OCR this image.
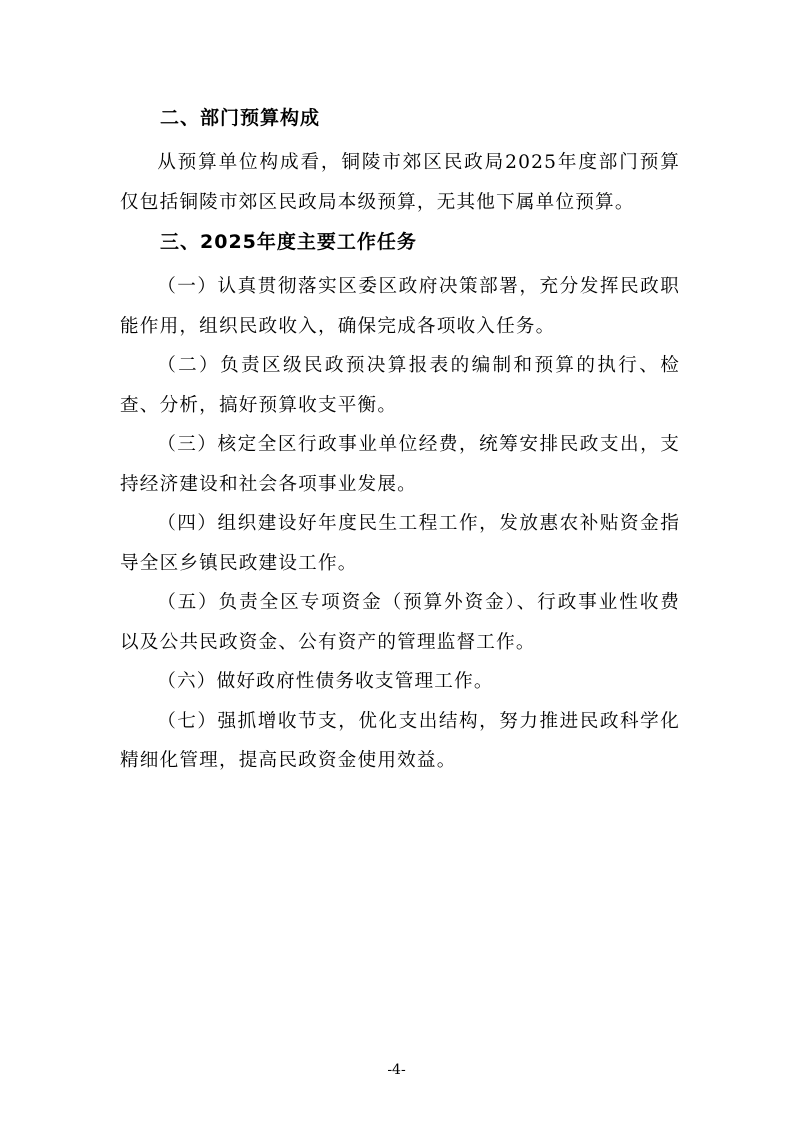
二、部门预算构成

从预算单位构成看，铜陵市郊区民政局2025年度部门预算仅包括铜陵市郊区民政局本级预算，无其他下属单位预算。

三、2025年度主要工作任务

（一）认真贯彻落实区委区政府决策部署，充分发挥民政职能作用，组织民政收入，确保完成各项收入任务。

（二）负责区级民政预决算报表的编制和预算的执行、检查、分析，搞好预算收支平衡。

（三）核定全区行政事业单位经费，统筹安排民政支出，支持经济建设和社会各项事业发展。

（四）组织建设好年度民生工程工作，发放惠农补贴资金指导全区乡镇民政建设工作。

（五）负责全区专项资金（预算外资金）、行政事业性收费以及公共民政资金、公有资产的管理监督工作。

（六）做好政府性债务收支管理工作。

（七）强抓增收节支，优化支出结构，努力推进民政科学化精细化管理，提高民政资金使用效益。

-4-
